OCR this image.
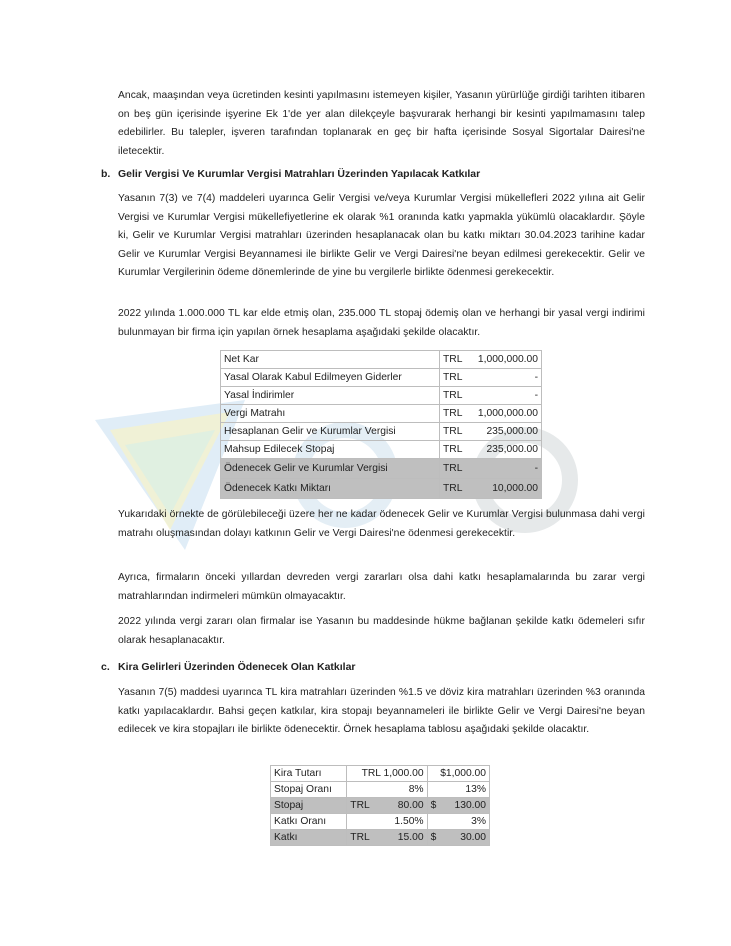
Ancak, maaşından veya ücretinden kesinti yapılmasını istemeyen kişiler, Yasanın yürürlüğe girdiği tarihten itibaren on beş gün içerisinde işyerine Ek 1'de yer alan dilekçeyle başvurarak herhangi bir kesinti yapılmamasını talep edebilirler. Bu talepler, işveren tarafından toplanarak en geç bir hafta içerisinde Sosyal Sigortalar Dairesi'ne iletecektir.

b. Gelir Vergisi Ve Kurumlar Vergisi Matrahları Üzerinden Yapılacak Katkılar

Yasanın 7(3) ve 7(4) maddeleri uyarınca Gelir Vergisi ve/veya Kurumlar Vergisi mükellefleri 2022 yılına ait Gelir Vergisi ve Kurumlar Vergisi mükellefiyetlerine ek olarak %1 oranında katkı yapmakla yükümlü olacaklardır. Şöyle ki, Gelir ve Kurumlar Vergisi matrahları üzerinden hesaplanacak olan bu katkı miktarı 30.04.2023 tarihine kadar Gelir ve Kurumlar Vergisi Beyannamesi ile birlikte Gelir ve Vergi Dairesi'ne beyan edilmesi gerekecektir. Gelir ve Kurumlar Vergilerinin ödeme dönemlerinde de yine bu vergilerle birlikte ödenmesi gerekecektir.

2022 yılında 1.000.000 TL kar elde etmiş olan, 235.000 TL stopaj ödemiş olan ve herhangi bir yasal vergi indirimi bulunmayan bir firma için yapılan örnek hesaplama aşağıdaki şekilde olacaktır.

Net Kar	TRL	1,000,000.00
Yasal Olarak Kabul Edilmeyen Giderler	TRL	-
Yasal İndirimler	TRL	-
Vergi Matrahı	TRL	1,000,000.00
Hesaplanan Gelir ve Kurumlar Vergisi	TRL	235,000.00
Mahsup Edilecek Stopaj	TRL	235,000.00
Ödenecek Gelir ve Kurumlar Vergisi	TRL	-
Ödenecek Katkı Miktarı	TRL	10,000.00

Yukarıdaki örnekte de görülebileceği üzere her ne kadar ödenecek Gelir ve Kurumlar Vergisi bulunmasa dahi vergi matrahı oluşmasından dolayı katkının Gelir ve Vergi Dairesi'ne ödenmesi gerekecektir.

Ayrıca, firmaların önceki yıllardan devreden vergi zararları olsa dahi katkı hesaplamalarında bu zarar vergi matrahlarından indirmeleri mümkün olmayacaktır.

2022 yılında vergi zararı olan firmalar ise Yasanın bu maddesinde hükme bağlanan şekilde katkı ödemeleri sıfır olarak hesaplanacaktır.

c. Kira Gelirleri Üzerinden Ödenecek Olan Katkılar

Yasanın 7(5) maddesi uyarınca TL kira matrahları üzerinden %1.5 ve döviz kira matrahları üzerinden %3 oranında katkı yapılacaklardır. Bahsi geçen katkılar, kira stopajı beyannameleri ile birlikte Gelir ve Vergi Dairesi'ne beyan edilecek ve kira stopajları ile birlikte ödenecektir. Örnek hesaplama tablosu aşağıdaki şekilde olacaktır.

Kira Tutarı	TRL 1,000.00	$1,000.00
Stopaj Oranı	8%	13%
Stopaj	TRL 80.00	$ 130.00

Katkı Oranı	1.50%	3%
Katkı	TRL 15.00	$ 30.00
